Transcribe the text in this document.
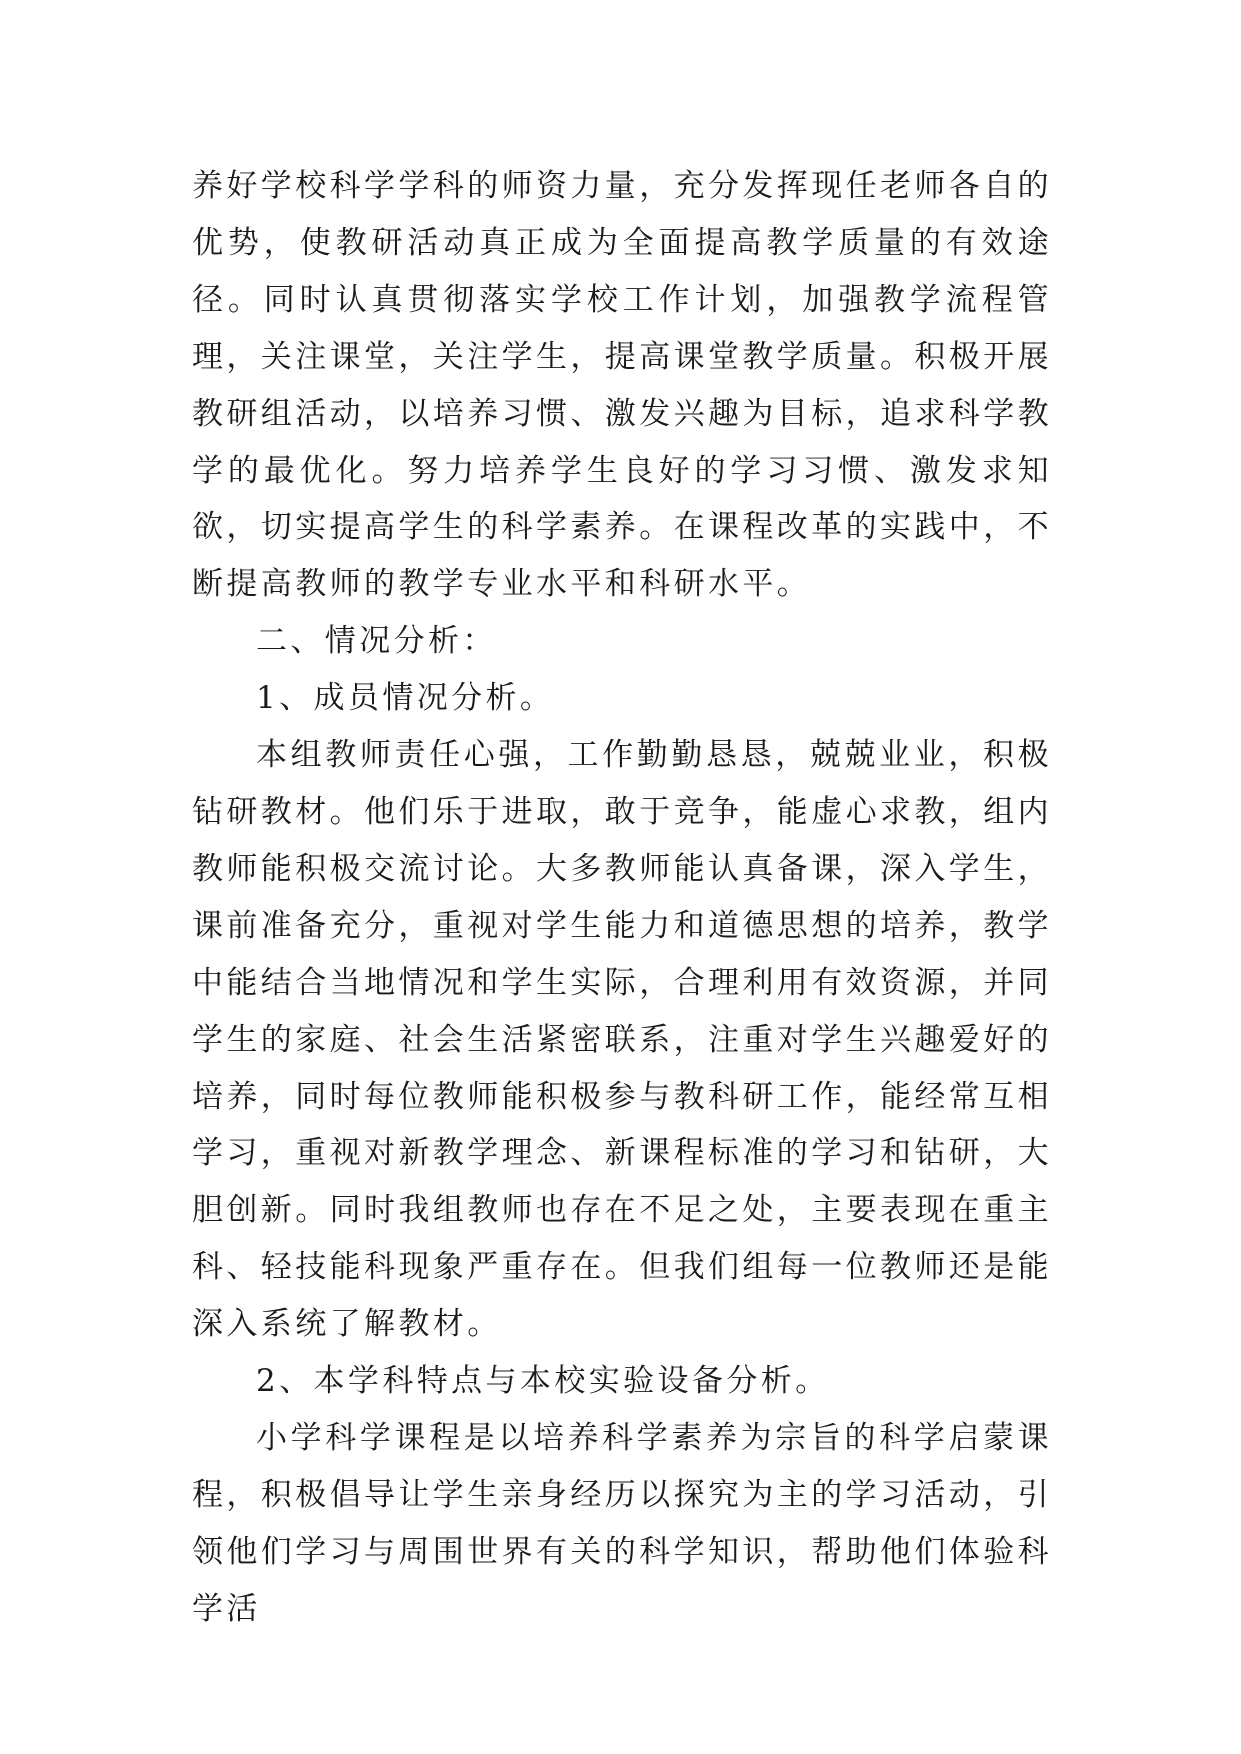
养好学校科学学科的师资力量，充分发挥现任老师各自的优势，使教研活动真正成为全面提高教学质量的有效途径。同时认真贯彻落实学校工作计划，加强教学流程管理，关注课堂，关注学生，提高课堂教学质量。积极开展教研组活动，以培养习惯、激发兴趣为目标，追求科学教学的最优化。努力培养学生良好的学习习惯、激发求知欲，切实提高学生的科学素养。在课程改革的实践中，不断提高教师的教学专业水平和科研水平。

二、情况分析：

1、成员情况分析。

本组教师责任心强，工作勤勤恳恳，兢兢业业，积极钻研教材。他们乐于进取，敢于竞争，能虚心求教，组内教师能积极交流讨论。大多教师能认真备课，深入学生，课前准备充分，重视对学生能力和道德思想的培养，教学中能结合当地情况和学生实际，合理利用有效资源，并同学生的家庭、社会生活紧密联系，注重对学生兴趣爱好的培养，同时每位教师能积极参与教科研工作，能经常互相学习，重视对新教学理念、新课程标准的学习和钻研，大胆创新。同时我组教师也存在不足之处，主要表现在重主科、轻技能科现象严重存在。但我们组每一位教师还是能深入系统了解教材。

2、本学科特点与本校实验设备分析。

小学科学课程是以培养科学素养为宗旨的科学启蒙课程，积极倡导让学生亲身经历以探究为主的学习活动，引领他们学习与周围世界有关的科学知识，帮助他们体验科学活
